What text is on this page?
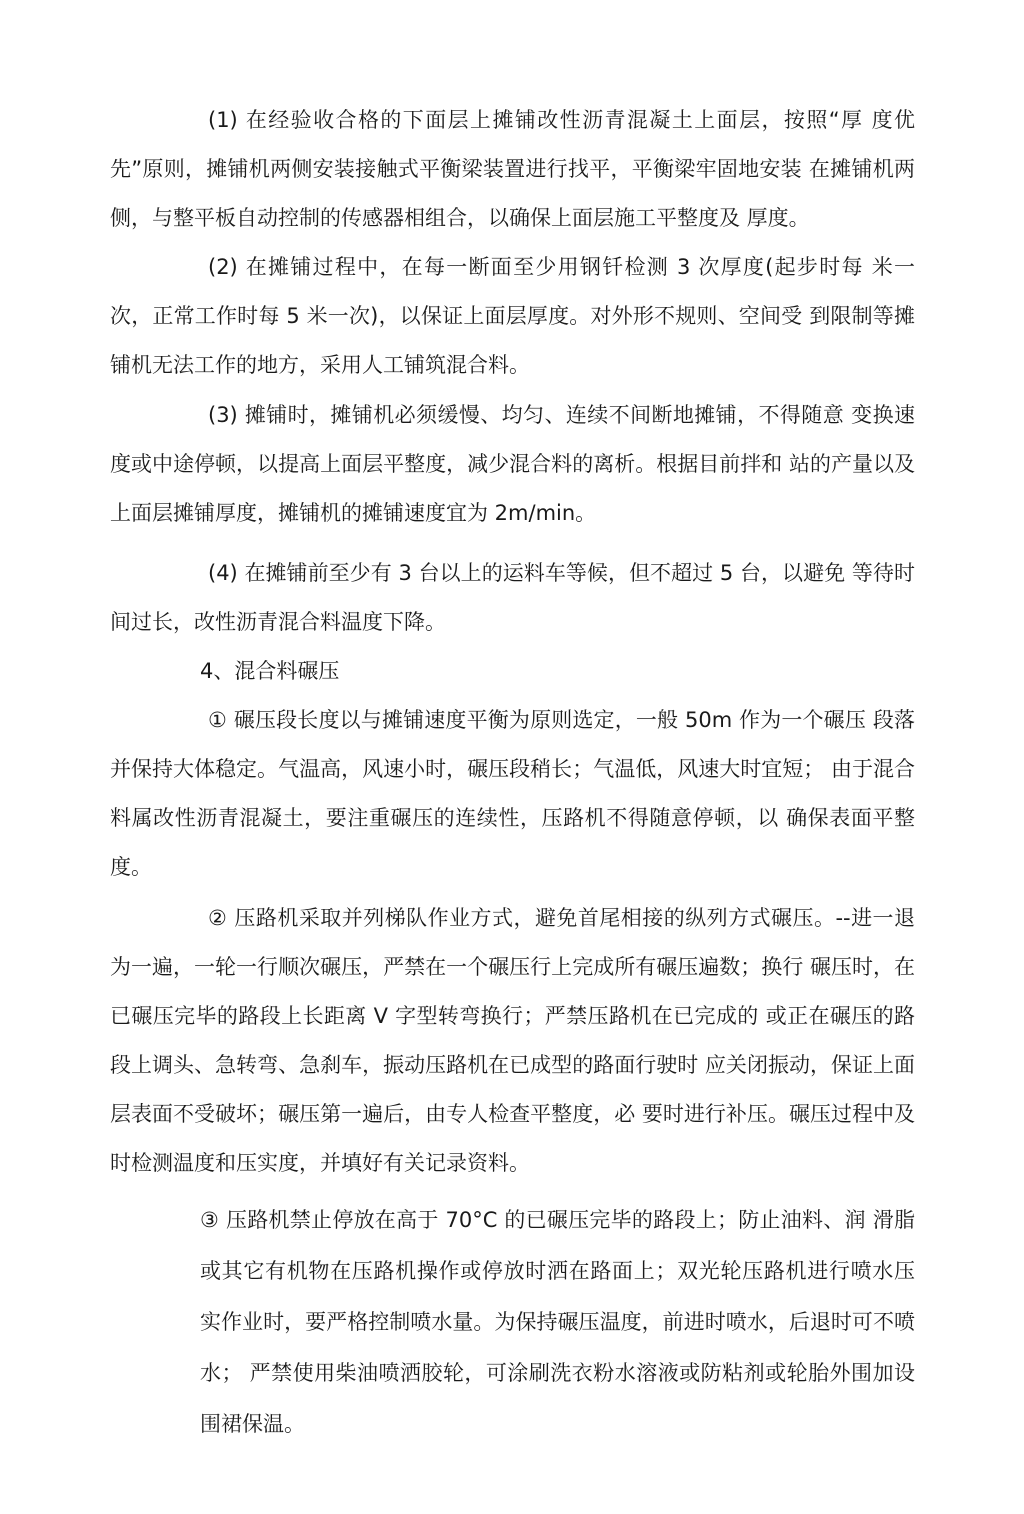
(1) 在经验收合格的下面层上摊铺改性沥青混凝土上面层，按照“厚 度优先”原则，摊铺机两侧安装接触式平衡梁装置进行找平，平衡梁牢固地安装 在摊铺机两侧，与整平板自动控制的传感器相组合，以确保上面层施工平整度及 厚度。

(2) 在摊铺过程中，在每一断面至少用钢钎检测 3 次厚度(起步时每 米一次，正常工作时每 5 米一次)，以保证上面层厚度。对外形不规则、空间受 到限制等摊铺机无法工作的地方，采用人工铺筑混合料。

(3) 摊铺时，摊铺机必须缓慢、均匀、连续不间断地摊铺，不得随意 变换速度或中途停顿，以提高上面层平整度，减少混合料的离析。根据目前拌和 站的产量以及上面层摊铺厚度，摊铺机的摊铺速度宜为 2m/min。

(4) 在摊铺前至少有 3 台以上的运料车等候，但不超过 5 台，以避免 等待时间过长，改性沥青混合料温度下降。

4、混合料碾压

① 碾压段长度以与摊铺速度平衡为原则选定，一般 50m 作为一个碾压 段落并保持大体稳定。气温高，风速小时，碾压段稍长；气温低，风速大时宜短； 由于混合料属改性沥青混凝土，要注重碾压的连续性，压路机不得随意停顿，以 确保表面平整度。

② 压路机采取并列梯队作业方式，避免首尾相接的纵列方式碾压。--进一退为一遍，一轮一行顺次碾压，严禁在一个碾压行上完成所有碾压遍数；换行 碾压时，在已碾压完毕的路段上长距离 V 字型转弯换行；严禁压路机在已完成的 或正在碾压的路段上调头、急转弯、急刹车，振动压路机在已成型的路面行驶时 应关闭振动，保证上面层表面不受破坏；碾压第一遍后，由专人检查平整度，必 要时进行补压。碾压过程中及时检测温度和压实度，并填好有关记录资料。

③ 压路机禁止停放在高于 70°C 的已碾压完毕的路段上；防止油料、润 滑脂或其它有机物在压路机操作或停放时洒在路面上；双光轮压路机进行喷水压 实作业时，要严格控制喷水量。为保持碾压温度，前进时喷水，后退时可不喷水； 严禁使用柴油喷洒胶轮，可涂刷洗衣粉水溶液或防粘剂或轮胎外围加设围裙保温。
